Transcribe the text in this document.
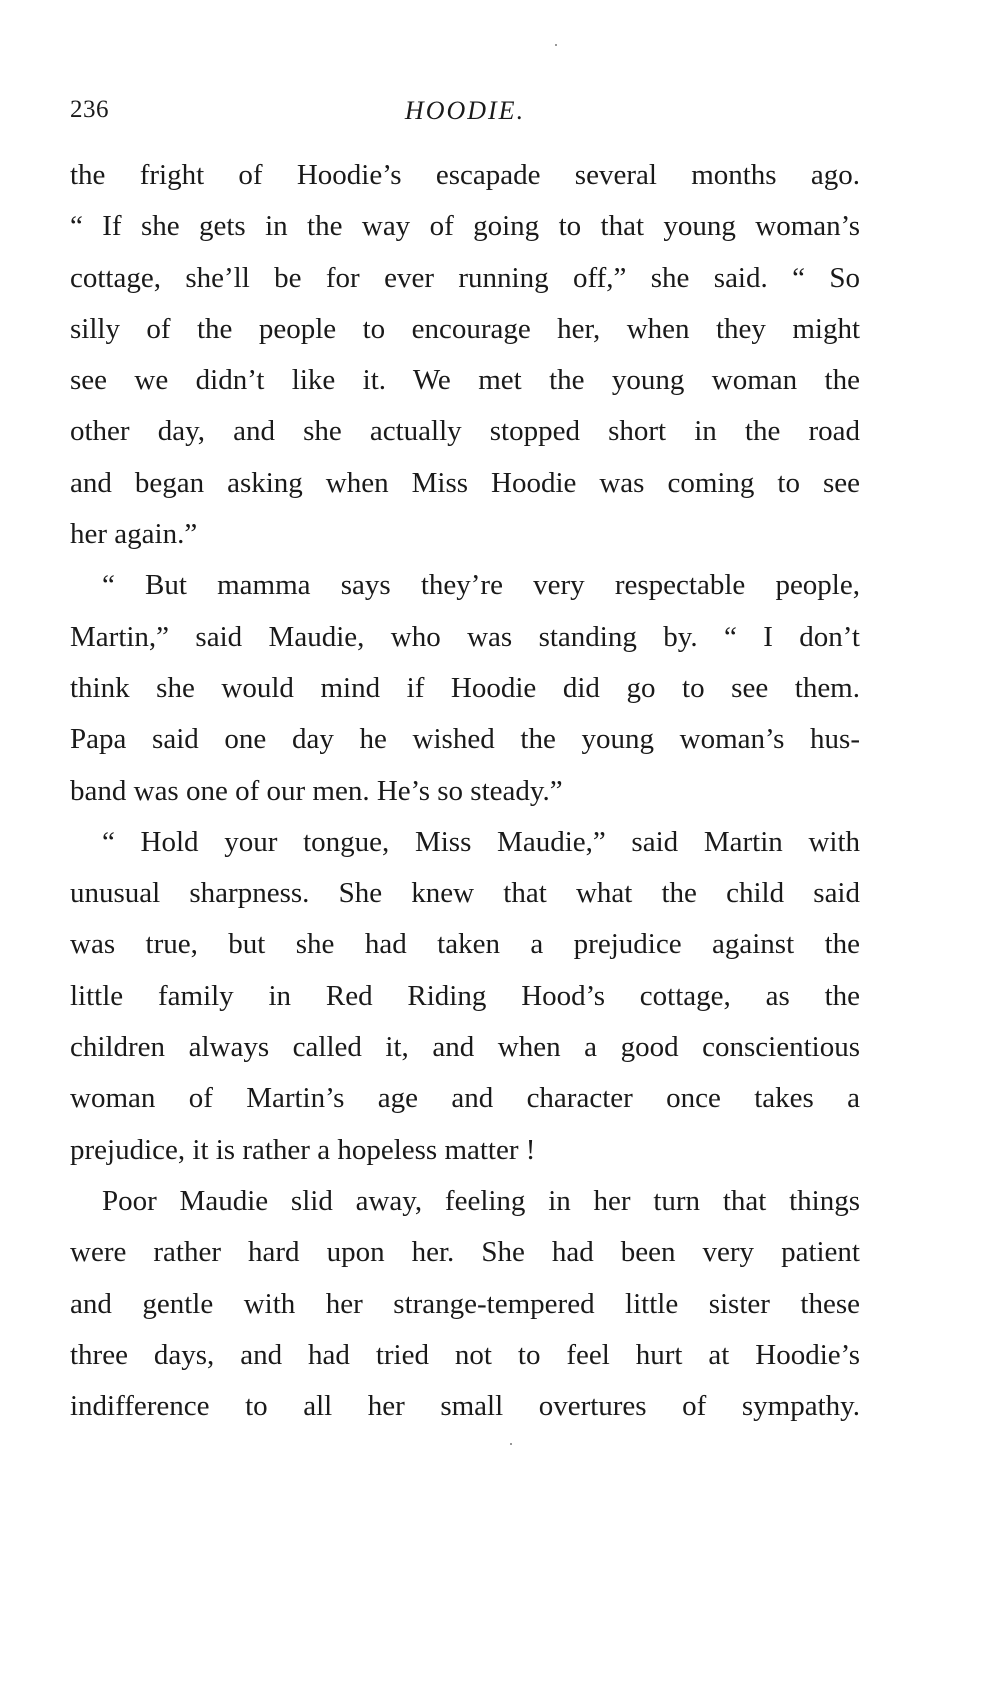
236	HOODIE.
the fright of Hoodie’s escapade several months ago.
“ If she gets in the way of going to that young woman’s
cottage, she’ll be for ever running off,” she said. “ So
silly of the people to encourage her, when they might
see we didn’t like it. We met the young woman the
other day, and she actually stopped short in the road
and began asking when Miss Hoodie was coming to see
her again.”
“ But mamma says they’re very respectable people,
Martin,” said Maudie, who was standing by. “ I don’t
think she would mind if Hoodie did go to see them.
Papa said one day he wished the young woman’s hus-
band was one of our men. He’s so steady.”
“ Hold your tongue, Miss Maudie,” said Martin with
unusual sharpness. She knew that what the child said
was true, but she had taken a prejudice against the
little family in Red Riding Hood’s cottage, as the
children always called it, and when a good conscientious
woman of Martin’s age and character once takes a
prejudice, it is rather a hopeless matter !
Poor Maudie slid away, feeling in her turn that things
were rather hard upon her. She had been very patient
and gentle with her strange-tempered little sister these
three days, and had tried not to feel hurt at Hoodie’s
indifference to all her small overtures of sympathy.
